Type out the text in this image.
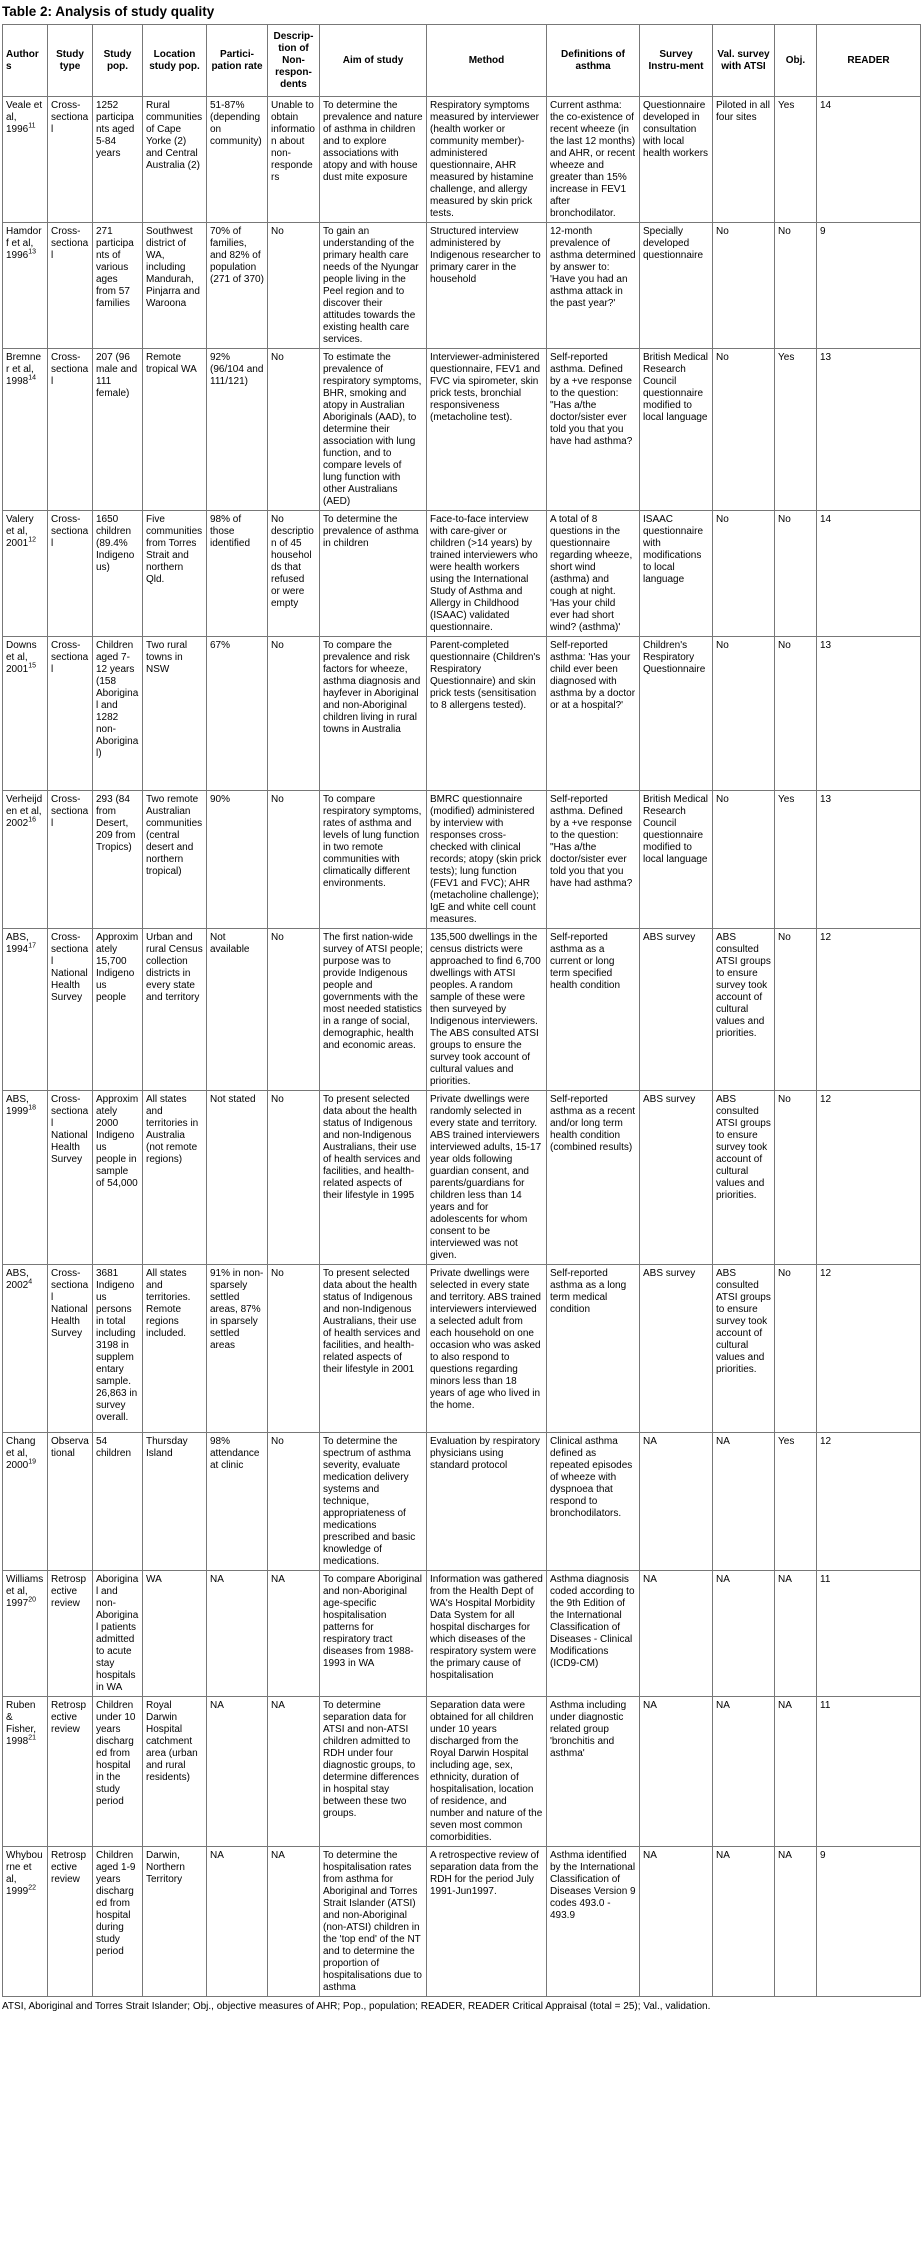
Table 2: Analysis of study quality
Authors	Study type	Study pop.	Location study pop.	Partici-pation rate	Descrip-tion of Non-respon-dents	Aim of study	Method	Definitions of asthma	Survey Instru-ment	Val. survey with ATSI	Obj.	READER
Veale et al, 1996$^{11}$	Cross-sectional	1252 participants aged 5-84 years	Rural communities of Cape Yorke (2) and Central Australia (2)	51-87% (depending on community)	Unable to obtain information about non-responders	To determine the prevalence and nature of asthma in children and to explore associations with atopy and with house dust mite exposure	Respiratory symptoms measured by interviewer (health worker or community member)-administered questionnaire, AHR measured by histamine challenge, and allergy measured by skin prick tests.	Current asthma: the co-existence of recent wheeze (in the last 12 months) and AHR, or recent wheeze and greater than 15% increase in FEV1 after bronchodilator.	Questionnaire developed in consultation with local health workers	Piloted in all four sites	Yes	14
Hamdorf et al, 1996$^{13}$	Cross-sectional	271 participants of various ages from 57 families	Southwest district of WA, including Mandurah, Pinjarra and Waroona	70% of families, and 82% of population (271 of 370)	No	To gain an understanding of the primary health care needs of the Nyungar people living in the Peel region and to discover their attitudes towards the existing health care services.	Structured interview administered by Indigenous researcher to primary carer in the household	12-month prevalence of asthma determined by answer to: 'Have you had an asthma attack in the past year?'	Specially developed questionnaire	No	No	9
Bremner et al, 1998$^{14}$	Cross-sectional	207 (96 male and 111 female)	Remote tropical WA	92% (96/104 and 111/121)	No	To estimate the prevalence of respiratory symptoms, BHR, smoking and atopy in Australian Aboriginals (AAD), to determine their association with lung function, and to compare levels of lung function with other Australians (AED)	Interviewer-administered questionnaire, FEV1 and FVC via spirometer, skin prick tests, bronchial responsiveness (metacholine test).	Self-reported asthma. Defined by a +ve response to the question: "Has a/the doctor/sister ever told you that you have had asthma?	British Medical Research Council questionnaire modified to local language	No	Yes	13
Valery et al, 2001$^{12}$	Cross-sectional	1650 children (89.4% Indigenous)	Five communities from Torres Strait and northern Qld.	98% of those identified	No description of 45 households that refused or were empty	To determine the prevalence of asthma in children	Face-to-face interview with care-giver or children (>14 years) by trained interviewers who were health workers using the International Study of Asthma and Allergy in Childhood (ISAAC) validated questionnaire.	A total of 8 questions in the questionnaire regarding wheeze, short wind (asthma) and cough at night. 'Has your child ever had short wind? (asthma)'	ISAAC questionnaire with modifications to local language	No	No	14
Downs et al, 2001$^{15}$	Cross-sectional	Children aged 7-12 years (158 Aboriginal and 1282 non-Aboriginal)	Two rural towns in NSW	67%	No	To compare the prevalence and risk factors for wheeze, asthma diagnosis and hayfever in Aboriginal and non-Aboriginal children living in rural towns in Australia	Parent-completed questionnaire (Children's Respiratory Questionnaire) and skin prick tests (sensitisation to 8 allergens tested).	Self-reported asthma: 'Has your child ever been diagnosed with asthma by a doctor or at a hospital?'	Children's Respiratory Questionnaire	No	No	13
Verheijden et al, 2002$^{16}$	Cross-sectional	293 (84 from Desert, 209 from Tropics)	Two remote Australian communities (central desert and northern tropical)	90%	No	To compare respiratory symptoms, rates of asthma and levels of lung function in two remote communities with climatically different environments.	BMRC questionnaire (modified) administered by interview with responses cross-checked with clinical records; atopy (skin prick tests); lung function (FEV1 and FVC); AHR (metacholine challenge); IgE and white cell count measures.	Self-reported asthma. Defined by a +ve response to the question: "Has a/the doctor/sister ever told you that you have had asthma?	British Medical Research Council questionnaire modified to local language	No	Yes	13
ABS, 1994$^{17}$	Cross-sectional National Health Survey	Approximately 15,700 Indigenous people	Urban and rural Census collection districts in every state and territory	Not available	No	The first nation-wide survey of ATSI people; purpose was to provide Indigenous people and governments with the most needed statistics in a range of social, demographic, health and economic areas.	135,500 dwellings in the census districts were approached to find 6,700 dwellings with ATSI peoples. A random sample of these were then surveyed by Indigenous interviewers. The ABS consulted ATSI groups to ensure the survey took account of cultural values and priorities.	Self-reported asthma as a current or long term specified health condition	ABS survey	ABS consulted ATSI groups to ensure survey took account of cultural values and priorities.	No	12
ABS, 1999$^{18}$	Cross-sectional National Health Survey	Approximately 2000 Indigenous people in sample of 54,000	All states and territories in Australia (not remote regions)	Not stated	No	To present selected data about the health status of Indigenous and non-Indigenous Australians, their use of health services and facilities, and health-related aspects of their lifestyle in 1995	Private dwellings were randomly selected in every state and territory. ABS trained interviewers interviewed adults, 15-17 year olds following guardian consent, and parents/guardians for children less than 14 years and for adolescents for whom consent to be interviewed was not given.	Self-reported asthma as a recent and/or long term health condition (combined results)	ABS survey	ABS consulted ATSI groups to ensure survey took account of cultural values and priorities.	No	12
ABS, 2002$^4$	Cross-sectional National Health Survey	3681 Indigenous persons in total including 3198 in supplementary sample. 26,863 in survey overall.	All states and territories. Remote regions included.	91% in non-sparsely settled areas, 87% in sparsely settled areas	No	To present selected data about the health status of Indigenous and non-Indigenous Australians, their use of health services and facilities, and health-related aspects of their lifestyle in 2001	Private dwellings were selected in every state and territory. ABS trained interviewers interviewed a selected adult from each household on one occasion who was asked to also respond to questions regarding minors less than 18 years of age who lived in the home.	Self-reported asthma as a long term medical condition	ABS survey	ABS consulted ATSI groups to ensure survey took account of cultural values and priorities.	No	12
Chang et al, 2000$^{19}$	Observational	54 children	Thursday Island	98% attendance at clinic	No	To determine the spectrum of asthma severity, evaluate medication delivery systems and technique, appropriateness of medications prescribed and basic knowledge of medications.	Evaluation by respiratory physicians using standard protocol	Clinical asthma defined as repeated episodes of wheeze with dyspnoea that respond to bronchodilators.	NA	NA	Yes	12
Williams et al, 1997$^{20}$	Retrospective review	Aboriginal and non-Aboriginal patients admitted to acute stay hospitals in WA	WA	NA	NA	To compare Aboriginal and non-Aboriginal age-specific hospitalisation patterns for respiratory tract diseases from 1988-1993 in WA	Information was gathered from the Health Dept of WA's Hospital Morbidity Data System for all hospital discharges for which diseases of the respiratory system were the primary cause of hospitalisation	Asthma diagnosis coded according to the 9th Edition of the International Classification of Diseases - Clinical Modifications (ICD9-CM)	NA	NA	NA	11
Ruben & Fisher, 1998$^{21}$	Retrospective review	Children under 10 years discharged from hospital in the study period	Royal Darwin Hospital catchment area (urban and rural residents)	NA	NA	To determine separation data for ATSI and non-ATSI children admitted to RDH under four diagnostic groups, to determine differences in hospital stay between these two groups.	Separation data were obtained for all children under 10 years discharged from the Royal Darwin Hospital including age, sex, ethnicity, duration of hospitalisation, location of residence, and number and nature of the seven most common comorbidities.	Asthma including under diagnostic related group 'bronchitis and asthma'	NA	NA	NA	11
Whybourne et al, 1999$^{22}$	Retrospective review	Children aged 1-9 years discharged from hospital during study period	Darwin, Northern Territory	NA	NA	To determine the hospitalisation rates from asthma for Aboriginal and Torres Strait Islander (ATSI) and non-Aboriginal (non-ATSI) children in the 'top end' of the NT and to determine the proportion of hospitalisations due to asthma	A retrospective review of separation data from the RDH for the period July 1991-Jun1997.	Asthma identified by the International Classification of Diseases Version 9 codes 493.0 - 493.9	NA	NA	NA	9
ATSI, Aboriginal and Torres Strait Islander; Obj., objective measures of AHR; Pop., population; READER, READER Critical Appraisal (total = 25); Val., validation.
